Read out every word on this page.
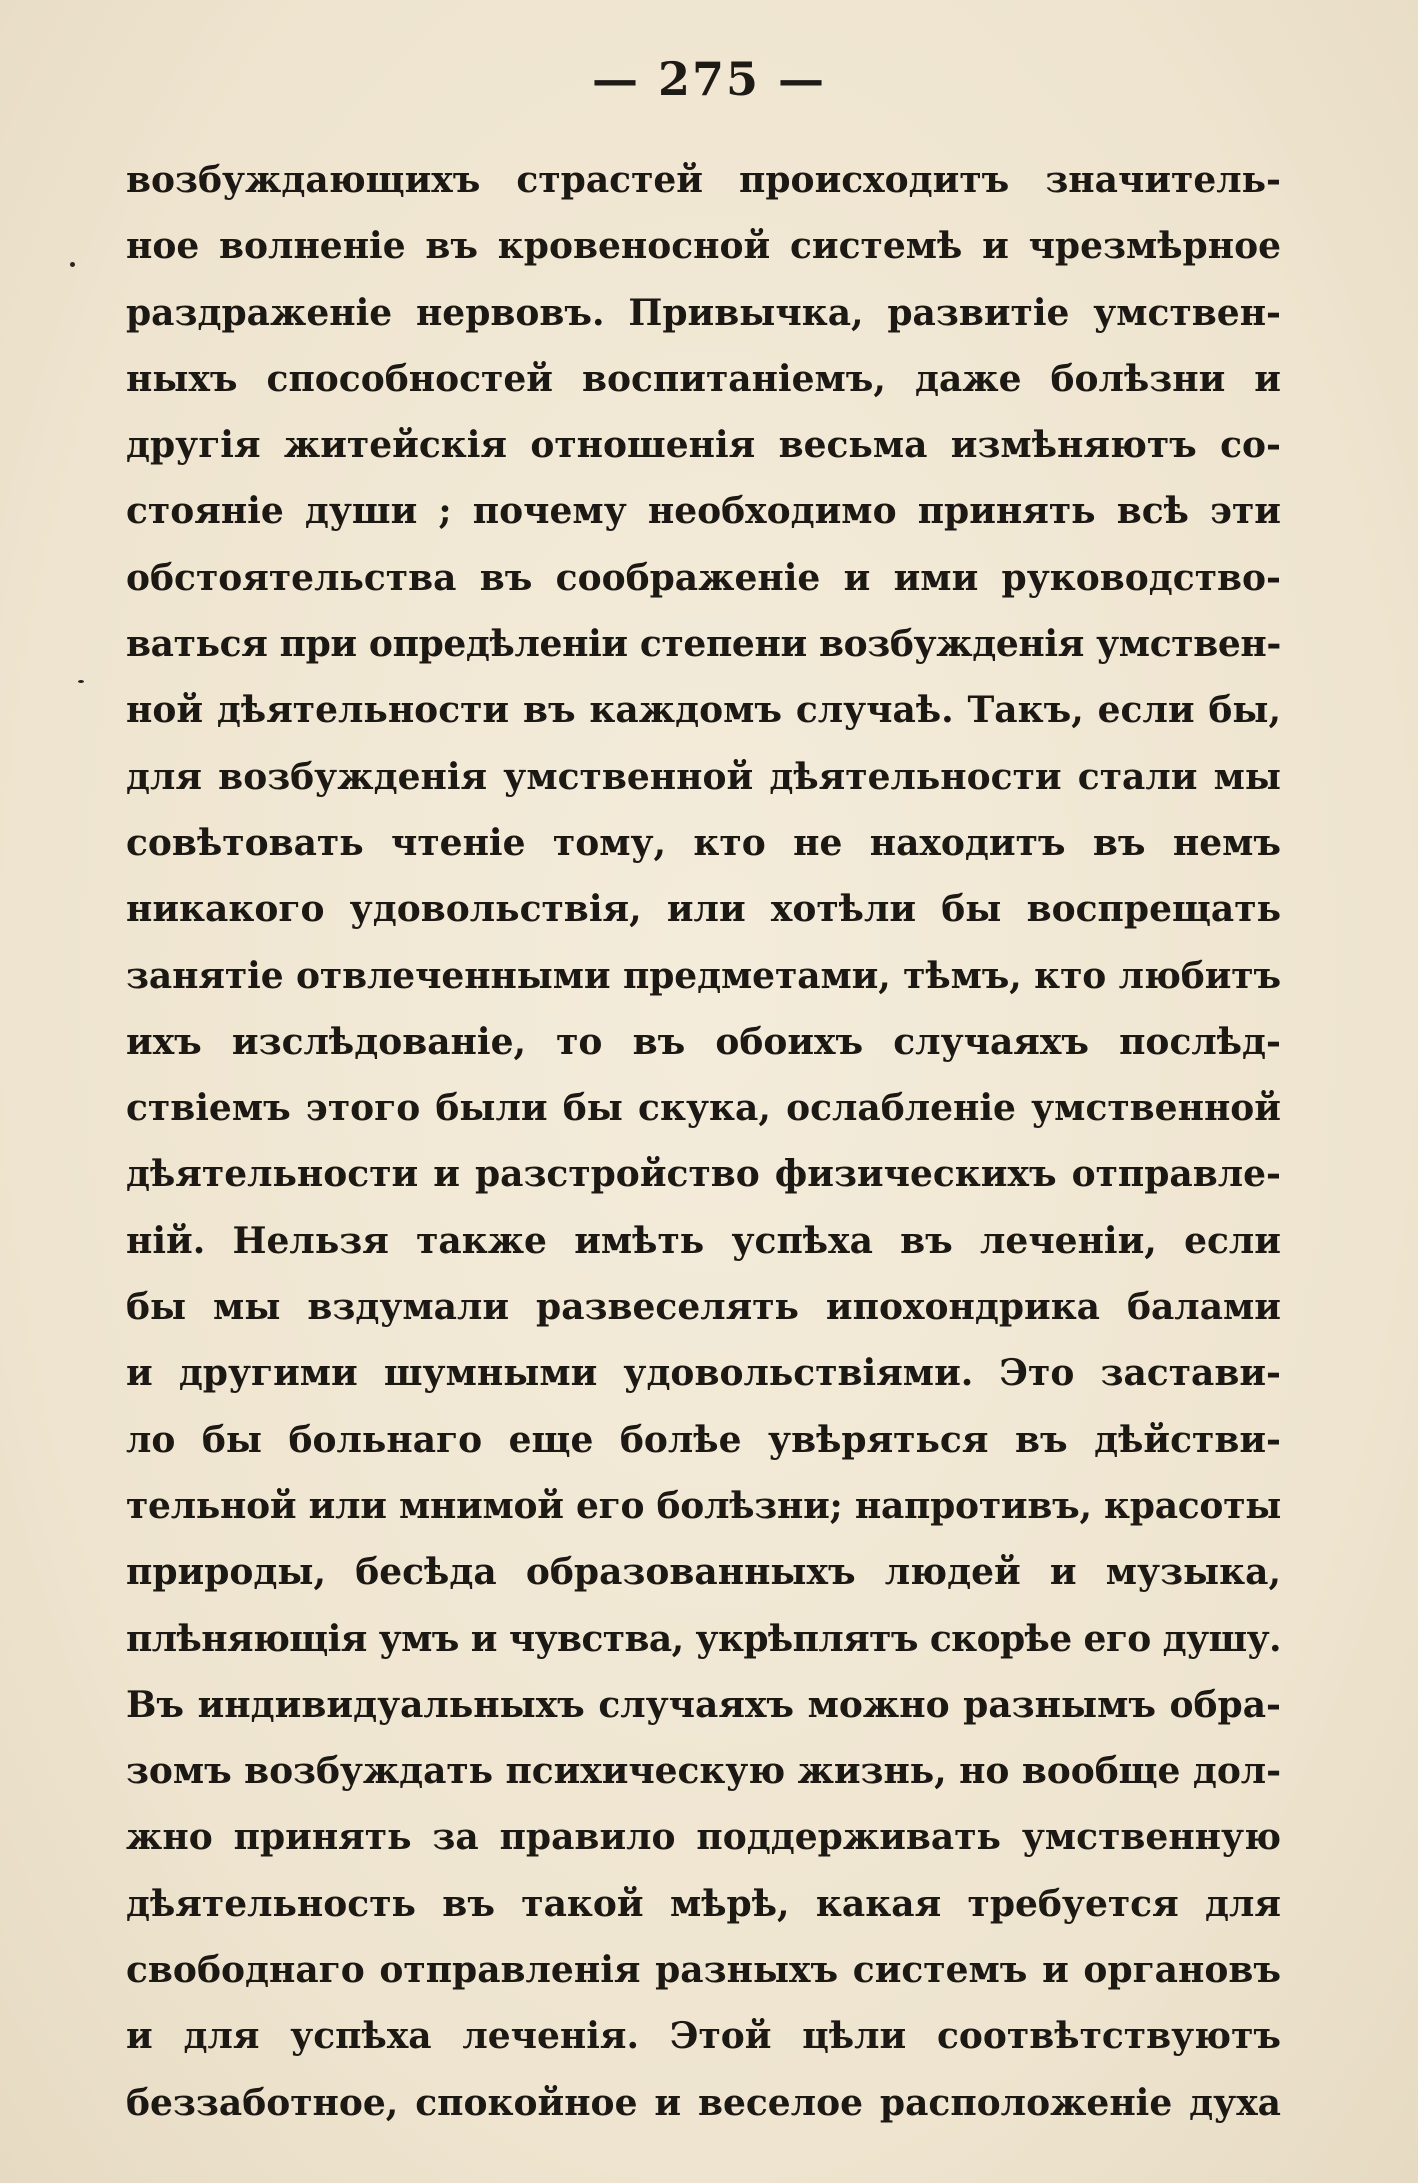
— 275 —
возбуждающихъ страстей происходитъ значитель-
ное волненіе въ кровеносной системѣ и чрезмѣрное
раздраженіе нервовъ. Привычка, развитіе умствен-
ныхъ способностей воспитаніемъ, даже болѣзни и
другія житейскія отношенія весьма измѣняютъ со-
стояніе души ; почему необходимо принять всѣ эти
обстоятельства въ соображеніе и ими руководство-
ваться при опредѣленіи степени возбужденія умствен-
ной дѣятельности въ каждомъ случаѣ. Такъ, если бы,
для возбужденія умственной дѣятельности стали мы
совѣтовать чтеніе тому, кто не находитъ въ немъ
никакого удовольствія, или хотѣли бы воспрещать
занятіе отвлеченными предметами, тѣмъ, кто любитъ
ихъ изслѣдованіе, то въ обоихъ случаяхъ послѣд-
ствіемъ этого были бы скука, ослабленіе умственной
дѣятельности и разстройство физическихъ отправле-
ній. Нельзя также имѣть успѣха въ леченіи, если
бы мы вздумали развеселять ипохондрика балами
и другими шумными удовольствіями. Это застави-
ло бы больнаго еще болѣе увѣряться въ дѣйстви-
тельной или мнимой его болѣзни; напротивъ, красоты
природы, бесѣда образованныхъ людей и музыка,
плѣняющія умъ и чувства, укрѣплятъ скорѣе его душу.
Въ индивидуальныхъ случаяхъ можно разнымъ обра-
зомъ возбуждать психическую жизнь, но вообще дол-
жно принять за правило поддерживать умственную
дѣятельность въ такой мѣрѣ, какая требуется для
свободнаго отправленія разныхъ системъ и органовъ
и для успѣха леченія. Этой цѣли соотвѣтствуютъ
беззаботное, спокойное и веселое расположеніе духа
